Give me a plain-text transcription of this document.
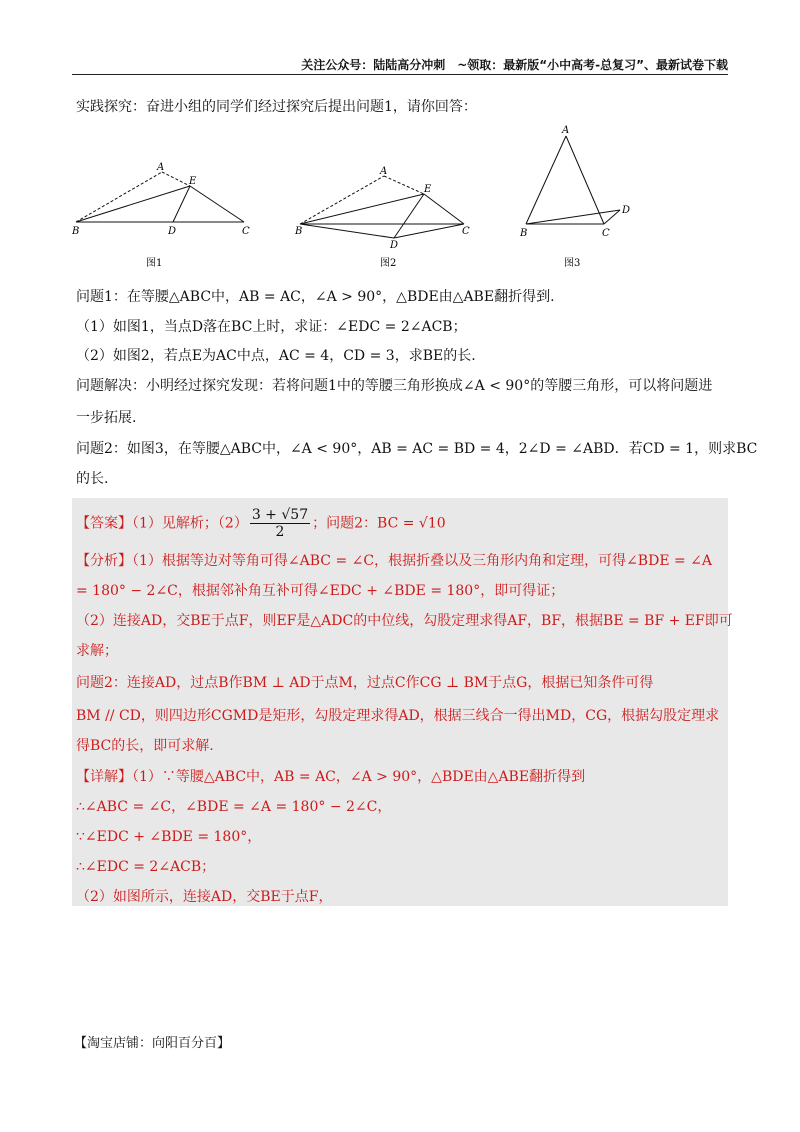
关注公众号：陆陆高分冲刺　~领取：最新版“小中高考-总复习”、最新试卷下载
实践探究：奋进小组的同学们经过探究后提出问题1，请你回答：
A
E
B	D	C
图1
A
E
B
D
C
图2
A
D
B	C
图3
问题1：在等腰△ABC中，AB = AC，∠A > 90°，△BDE由△ABE翻折得到.
（1）如图1，当点D落在BC上时，求证：∠EDC = 2∠ACB；
（2）如图2，若点E为AC中点，AC = 4，CD = 3，求BE的长.
问题解决：小明经过探究发现：若将问题1中的等腰三角形换成∠A < 90°的等腰三角形，可以将问题进
一步拓展.
问题2：如图3，在等腰△ABC中，∠A < 90°，AB = AC = BD = 4，2∠D = ∠ABD．若CD = 1，则求BC
的长.
【答案】（1）见解析；$(2) \frac{3 + √57}{2}$ ；问题2：BC = √10
【分析】（1）根据等边对等角可得∠ABC = ∠C，根据折叠以及三角形内角和定理，可得∠BDE = ∠A
= 180° − 2∠C，根据邻补角互补可得∠EDC + ∠BDE = 180°，即可得证；
（2）连接AD，交BE于点F，则EF是△ADC的中位线，勾股定理求得AF，BF，根据BE = BF + EF即可
求解；
问题2：连接AD，过点B作BM ⊥ AD于点M，过点C作CG ⊥ BM于点G，根据已知条件可得
BM // CD，则四边形CGMD是矩形，勾股定理求得AD，根据三线合一得出MD，CG，根据勾股定理求
得BC的长，即可求解.
【详解】（1）∵等腰△ABC中，AB = AC，∠A > 90°，△BDE由△ABE翻折得到
∴∠ABC = ∠C，∠BDE = ∠A = 180° − 2∠C，
∵∠EDC + ∠BDE = 180°，
∴∠EDC = 2∠ACB；
（2）如图所示，连接AD，交BE于点F，
【淘宝店铺：向阳百分百】
